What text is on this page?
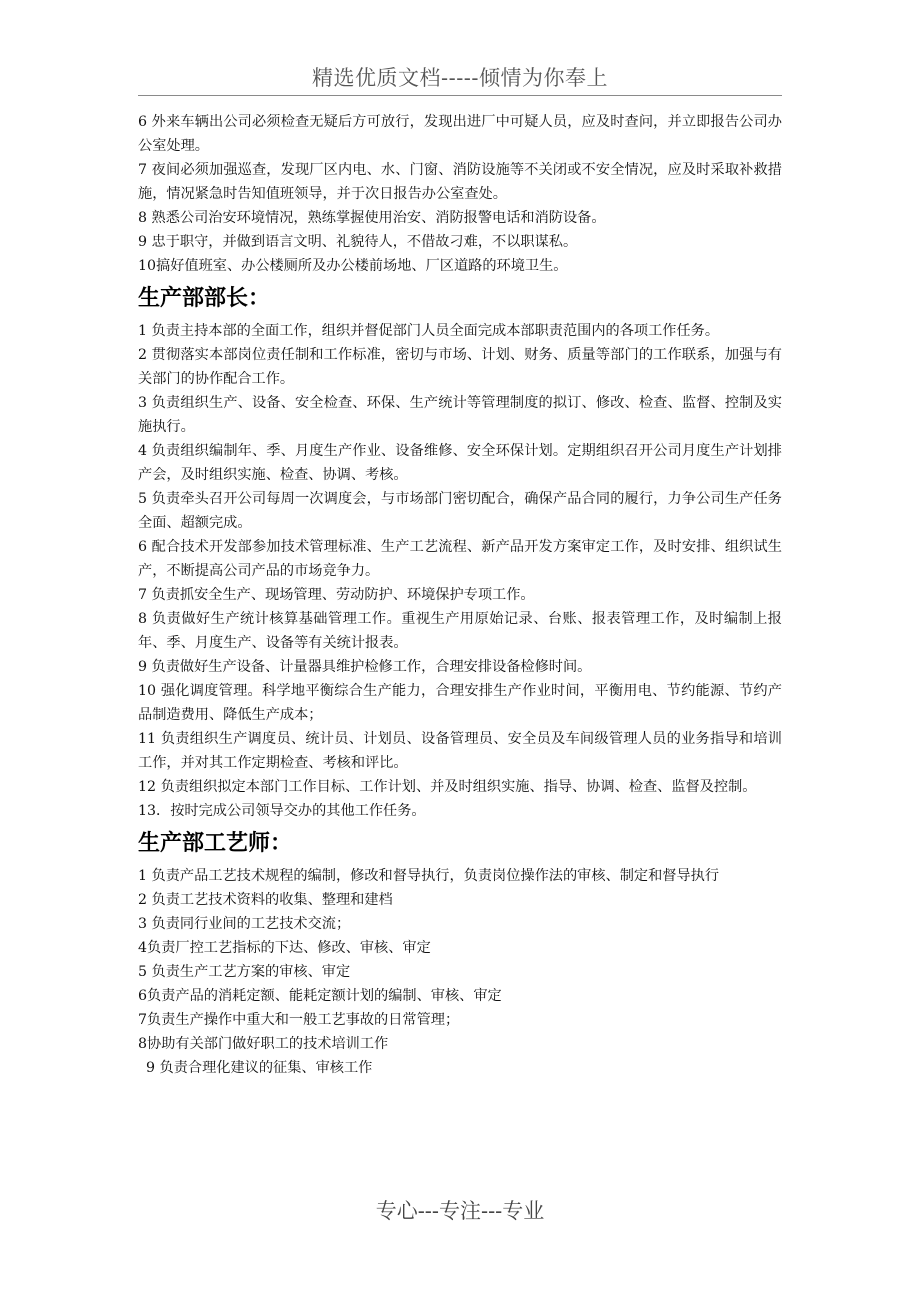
精选优质文档-----倾情为你奉上

6 外来车辆出公司必须检查无疑后方可放行，发现出进厂中可疑人员，应及时查问，并立即报告公司办公室处理。

7 夜间必须加强巡查，发现厂区内电、水、门窗、消防设施等不关闭或不安全情况，应及时采取补救措施，情况紧急时告知值班领导，并于次日报告办公室查处。

8 熟悉公司治安环境情况，熟练掌握使用治安、消防报警电话和消防设备。

9 忠于职守，并做到语言文明、礼貌待人，不借故刁难，不以职谋私。

10搞好值班室、办公楼厕所及办公楼前场地、厂区道路的环境卫生。

生产部部长：

1 负责主持本部的全面工作，组织并督促部门人员全面完成本部职责范围内的各项工作任务。

2 贯彻落实本部岗位责任制和工作标准，密切与市场、计划、财务、质量等部门的工作联系，加强与有关部门的协作配合工作。

3 负责组织生产、设备、安全检查、环保、生产统计等管理制度的拟订、修改、检查、监督、控制及实施执行。

4 负责组织编制年、季、月度生产作业、设备维修、安全环保计划。定期组织召开公司月度生产计划排产会，及时组织实施、检查、协调、考核。

5 负责牵头召开公司每周一次调度会，与市场部门密切配合，确保产品合同的履行，力争公司生产任务全面、超额完成。

6 配合技术开发部参加技术管理标准、生产工艺流程、新产品开发方案审定工作，及时安排、组织试生产，不断提高公司产品的市场竞争力。

7 负责抓安全生产、现场管理、劳动防护、环境保护专项工作。

8 负责做好生产统计核算基础管理工作。重视生产用原始记录、台账、报表管理工作，及时编制上报年、季、月度生产、设备等有关统计报表。

9 负责做好生产设备、计量器具维护检修工作，合理安排设备检修时间。

10 强化调度管理。科学地平衡综合生产能力，合理安排生产作业时间，平衡用电、节约能源、节约产品制造费用、降低生产成本；

11 负责组织生产调度员、统计员、计划员、设备管理员、安全员及车间级管理人员的业务指导和培训工作，并对其工作定期检查、考核和评比。

12 负责组织拟定本部门工作目标、工作计划、并及时组织实施、指导、协调、检查、监督及控制。

13．按时完成公司领导交办的其他工作任务。

生产部工艺师：

1 负责产品工艺技术规程的编制，修改和督导执行，负责岗位操作法的审核、制定和督导执行

2 负责工艺技术资料的收集、整理和建档

3 负责同行业间的工艺技术交流；

4负责厂控工艺指标的下达、修改、审核、审定

5 负责生产工艺方案的审核、审定

6负责产品的消耗定额、能耗定额计划的编制、审核、审定

7负责生产操作中重大和一般工艺事故的日常管理；

8协助有关部门做好职工的技术培训工作

9 负责合理化建议的征集、审核工作

专心---专注---专业
